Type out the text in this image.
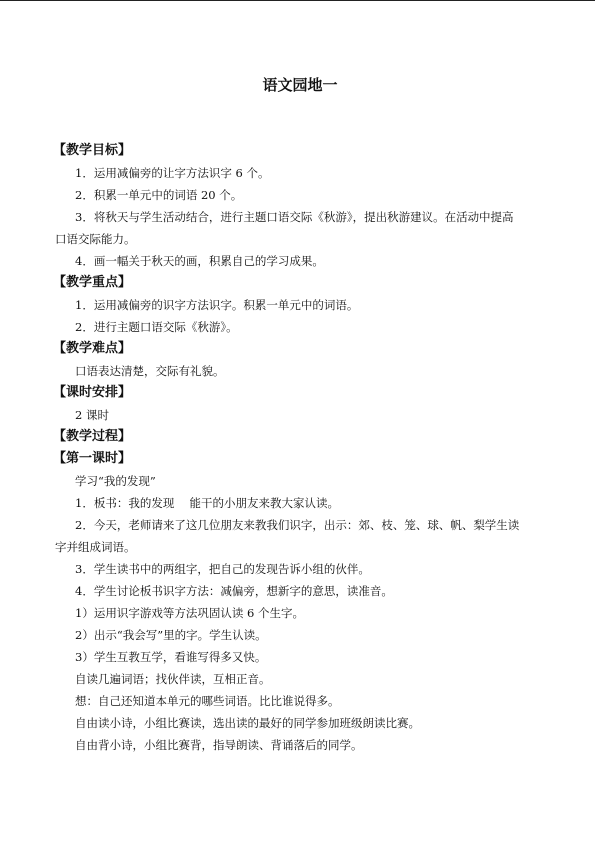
语文园地一
【教学目标】
1．运用减偏旁的让字方法识字 6 个。
2．积累一单元中的词语 20 个。
3．将秋天与学生活动结合，进行主题口语交际《秋游》，提出秋游建议。在活动中提高
口语交际能力。
4．画一幅关于秋天的画，积累自己的学习成果。
【教学重点】
1．运用减偏旁的识字方法识字。积累一单元中的词语。
2．进行主题口语交际《秋游》。
【教学难点】
口语表达清楚，交际有礼貌。
【课时安排】
2 课时
【教学过程】
【第一课时】
学习“我的发现”
1．板书：我的发现　 能干的小朋友来教大家认读。
2．今天，老师请来了这几位朋友来教我们识字，出示：郊、枝、笼、球、帆、梨学生读
字并组成词语。
3．学生读书中的两组字，把自己的发现告诉小组的伙伴。
4．学生讨论板书识字方法：减偏旁，想新字的意思，读准音。
1）运用识字游戏等方法巩固认读 6 个生字。
2）出示“我会写”里的字。学生认读。
3）学生互教互学，看谁写得多又快。
自读几遍词语；找伙伴读，互相正音。
想：自己还知道本单元的哪些词语。比比谁说得多。
自由读小诗，小组比赛读，选出读的最好的同学参加班级朗读比赛。
自由背小诗，小组比赛背，指导朗读、背诵落后的同学。
